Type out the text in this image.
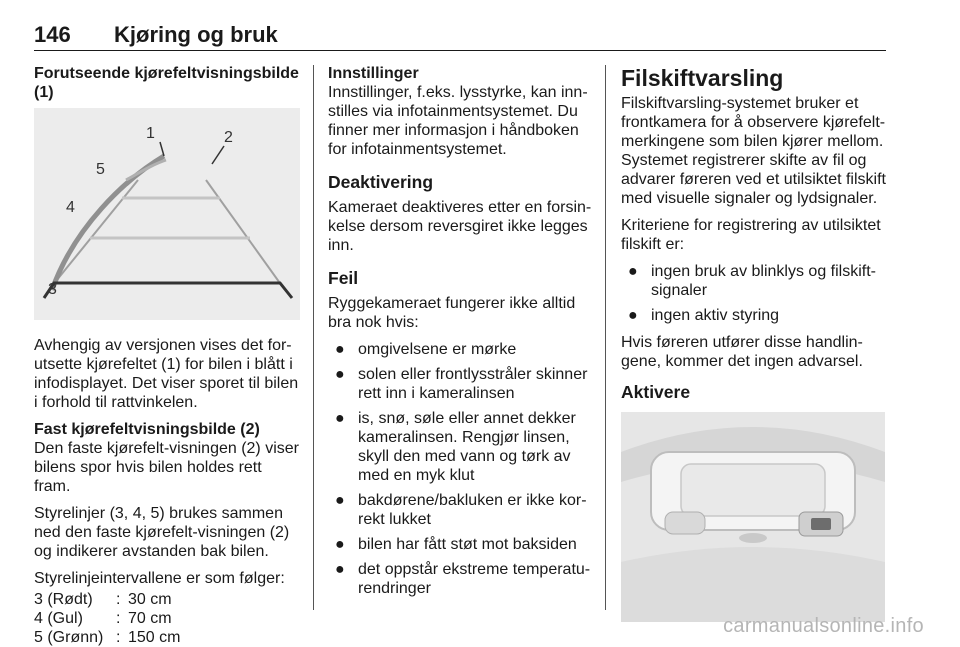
146 Kjøring og bruk
Forutseende kjørefeltvisningsbilde (1)
1	2
3
4
5

Avhengig av versjonen vises det for-utsette kjørefeltet (1) for bilen i blått i infodisplayet. Det viser sporet til bilen i forhold til rattvinkelen.

Fast kjørefeltvisningsbilde (2)

Den faste kjørefelt-visningen (2) viser bilens spor hvis bilen holdes rett fram.

Styrelinjer (3, 4, 5) brukes sammen ned den faste kjørefelt-visningen (2) og indikerer avstanden bak bilen.

Styrelinjeintervallene er som følger:

3 (Rødt)	: 30 cm
4 (Gul)	: 70 cm
5 (Grønn) : 150 cm
Innstillinger

Innstillinger, f.eks. lysstyrke, kan inn-stilles via infotainmentsystemet. Du finner mer informasjon i håndboken for infotainmentsystemet.

Deaktivering

Kameraet deaktiveres etter en forsin-kelse dersom reversgiret ikke legges inn.

Feil

Ryggekameraet fungerer ikke alltid bra nok hvis:

● omgivelsene er mørke
● solen eller frontlysstråler skinner rett inn i kameralinsen
● is, snø, søle eller annet dekker kameralinsen. Rengjør linsen, skyll den med vann og tørk av med en myk klut
● bakdørene/bakluken er ikke kor-rekt lukket
● bilen har fått støt mot baksiden
● det oppstår ekstreme temperatu-rendringer
Filskiftvarsling

Filskiftvarsling-systemet bruker et frontkamera for å observere kjørefelt-merkingene som bilen kjører mellom. Systemet registrerer skifte av fil og advarer føreren ved et utilsiktet filskift med visuelle signaler og lydsignaler.

Kriteriene for registrering av utilsiktet filskift er:

● ingen bruk av blinklys og filskift-signaler
● ingen aktiv styring

Hvis føreren utfører disse handlin-gene, kommer det ingen advarsel.

Aktivere
carmanualsonline.info
